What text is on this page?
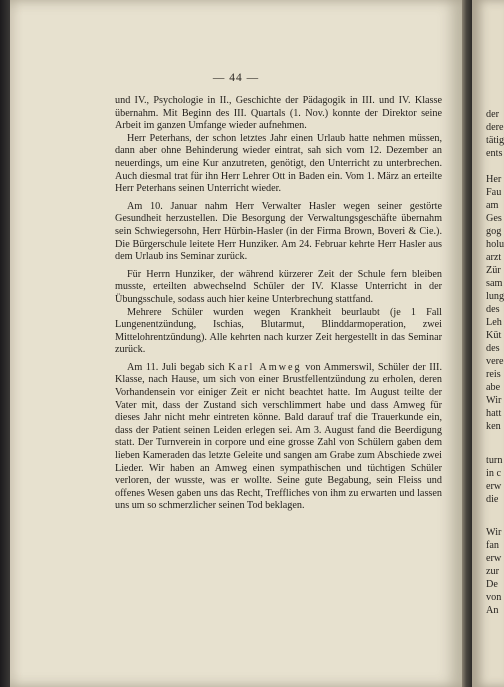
— 44 —

und IV., Psychologie in II., Geschichte der Pädagogik in III. und IV. Klasse übernahm. Mit Beginn des III. Quartals (1. Nov.) konnte der Direktor seine Arbeit im ganzen Umfange wieder aufnehmen.

Herr Peterhans, der schon letztes Jahr einen Urlaub hatte nehmen müssen, dann aber ohne Behinderung wieder eintrat, sah sich vom 12. Dezember an neuerdings, um eine Kur anzutreten, genötigt, den Unterricht zu unterbrechen. Auch diesmal trat für ihn Herr Lehrer Ott in Baden ein. Vom 1. März an erteilte Herr Peterhans seinen Unterricht wieder.

Am 10. Januar nahm Herr Verwalter Hasler wegen seiner gestörte Gesundheit herzustellen. Die Besorgung der Verwaltungsgeschäfte übernahm sein Schwiegersohn, Herr Hürbin-Hasler (in der Firma Brown, Boveri & Cie.). Die Bürgerschule leitete Herr Hunziker. Am 24. Februar kehrte Herr Hasler aus dem Urlaub ins Seminar zurück.

Für Herrn Hunziker, der während kürzerer Zeit der Schule fern bleiben musste, erteilten abwechselnd Schüler der IV. Klasse Unterricht in der Übungsschule, sodass auch hier keine Unterbrechung stattfand.

Mehrere Schüler wurden wegen Krankheit beurlaubt (je 1 Fall Lungenentzündung, Ischias, Blutarmut, Blinddarmoperation, zwei Mittelohrentzündung). Alle kehrten nach kurzer Zeit hergestellt in das Seminar zurück.

Am 11. Juli begab sich Karl Amweg von Ammerswil, Schüler der III. Klasse, nach Hause, um sich von einer Brustfellentzündung zu erholen, deren Vorhandensein vor einiger Zeit er nicht beachtet hatte. Im August teilte der Vater mit, dass der Zustand sich verschlimmert habe und dass Amweg für dieses Jahr nicht mehr eintreten könne. Bald darauf traf die Trauerkunde ein, dass der Patient seinen Leiden erlegen sei. Am 3. August fand die Beerdigung statt. Der Turnverein in corpore und eine grosse Zahl von Schülern gaben dem lieben Kameraden das letzte Geleite und sangen am Grabe zum Abschiede zwei Lieder. Wir haben an Amweg einen sympathischen und tüchtigen Schüler verloren, der wusste, was er wollte. Seine gute Begabung, sein Fleiss und offenes Wesen gaben uns das Recht, Treffliches von ihm zu erwarten und lassen uns um so schmerzlicher seinen Tod beklagen.

der
dere
tätig
ents
Her
Fau
am
Ges
gog
holu
arzt
Zür
sam
lung
des
Leh
Küt
des
vere
reis
abe
Wir
hatt
ken
turn
in c
erw
die
Wir
fan
erw
zur
De
von
An
